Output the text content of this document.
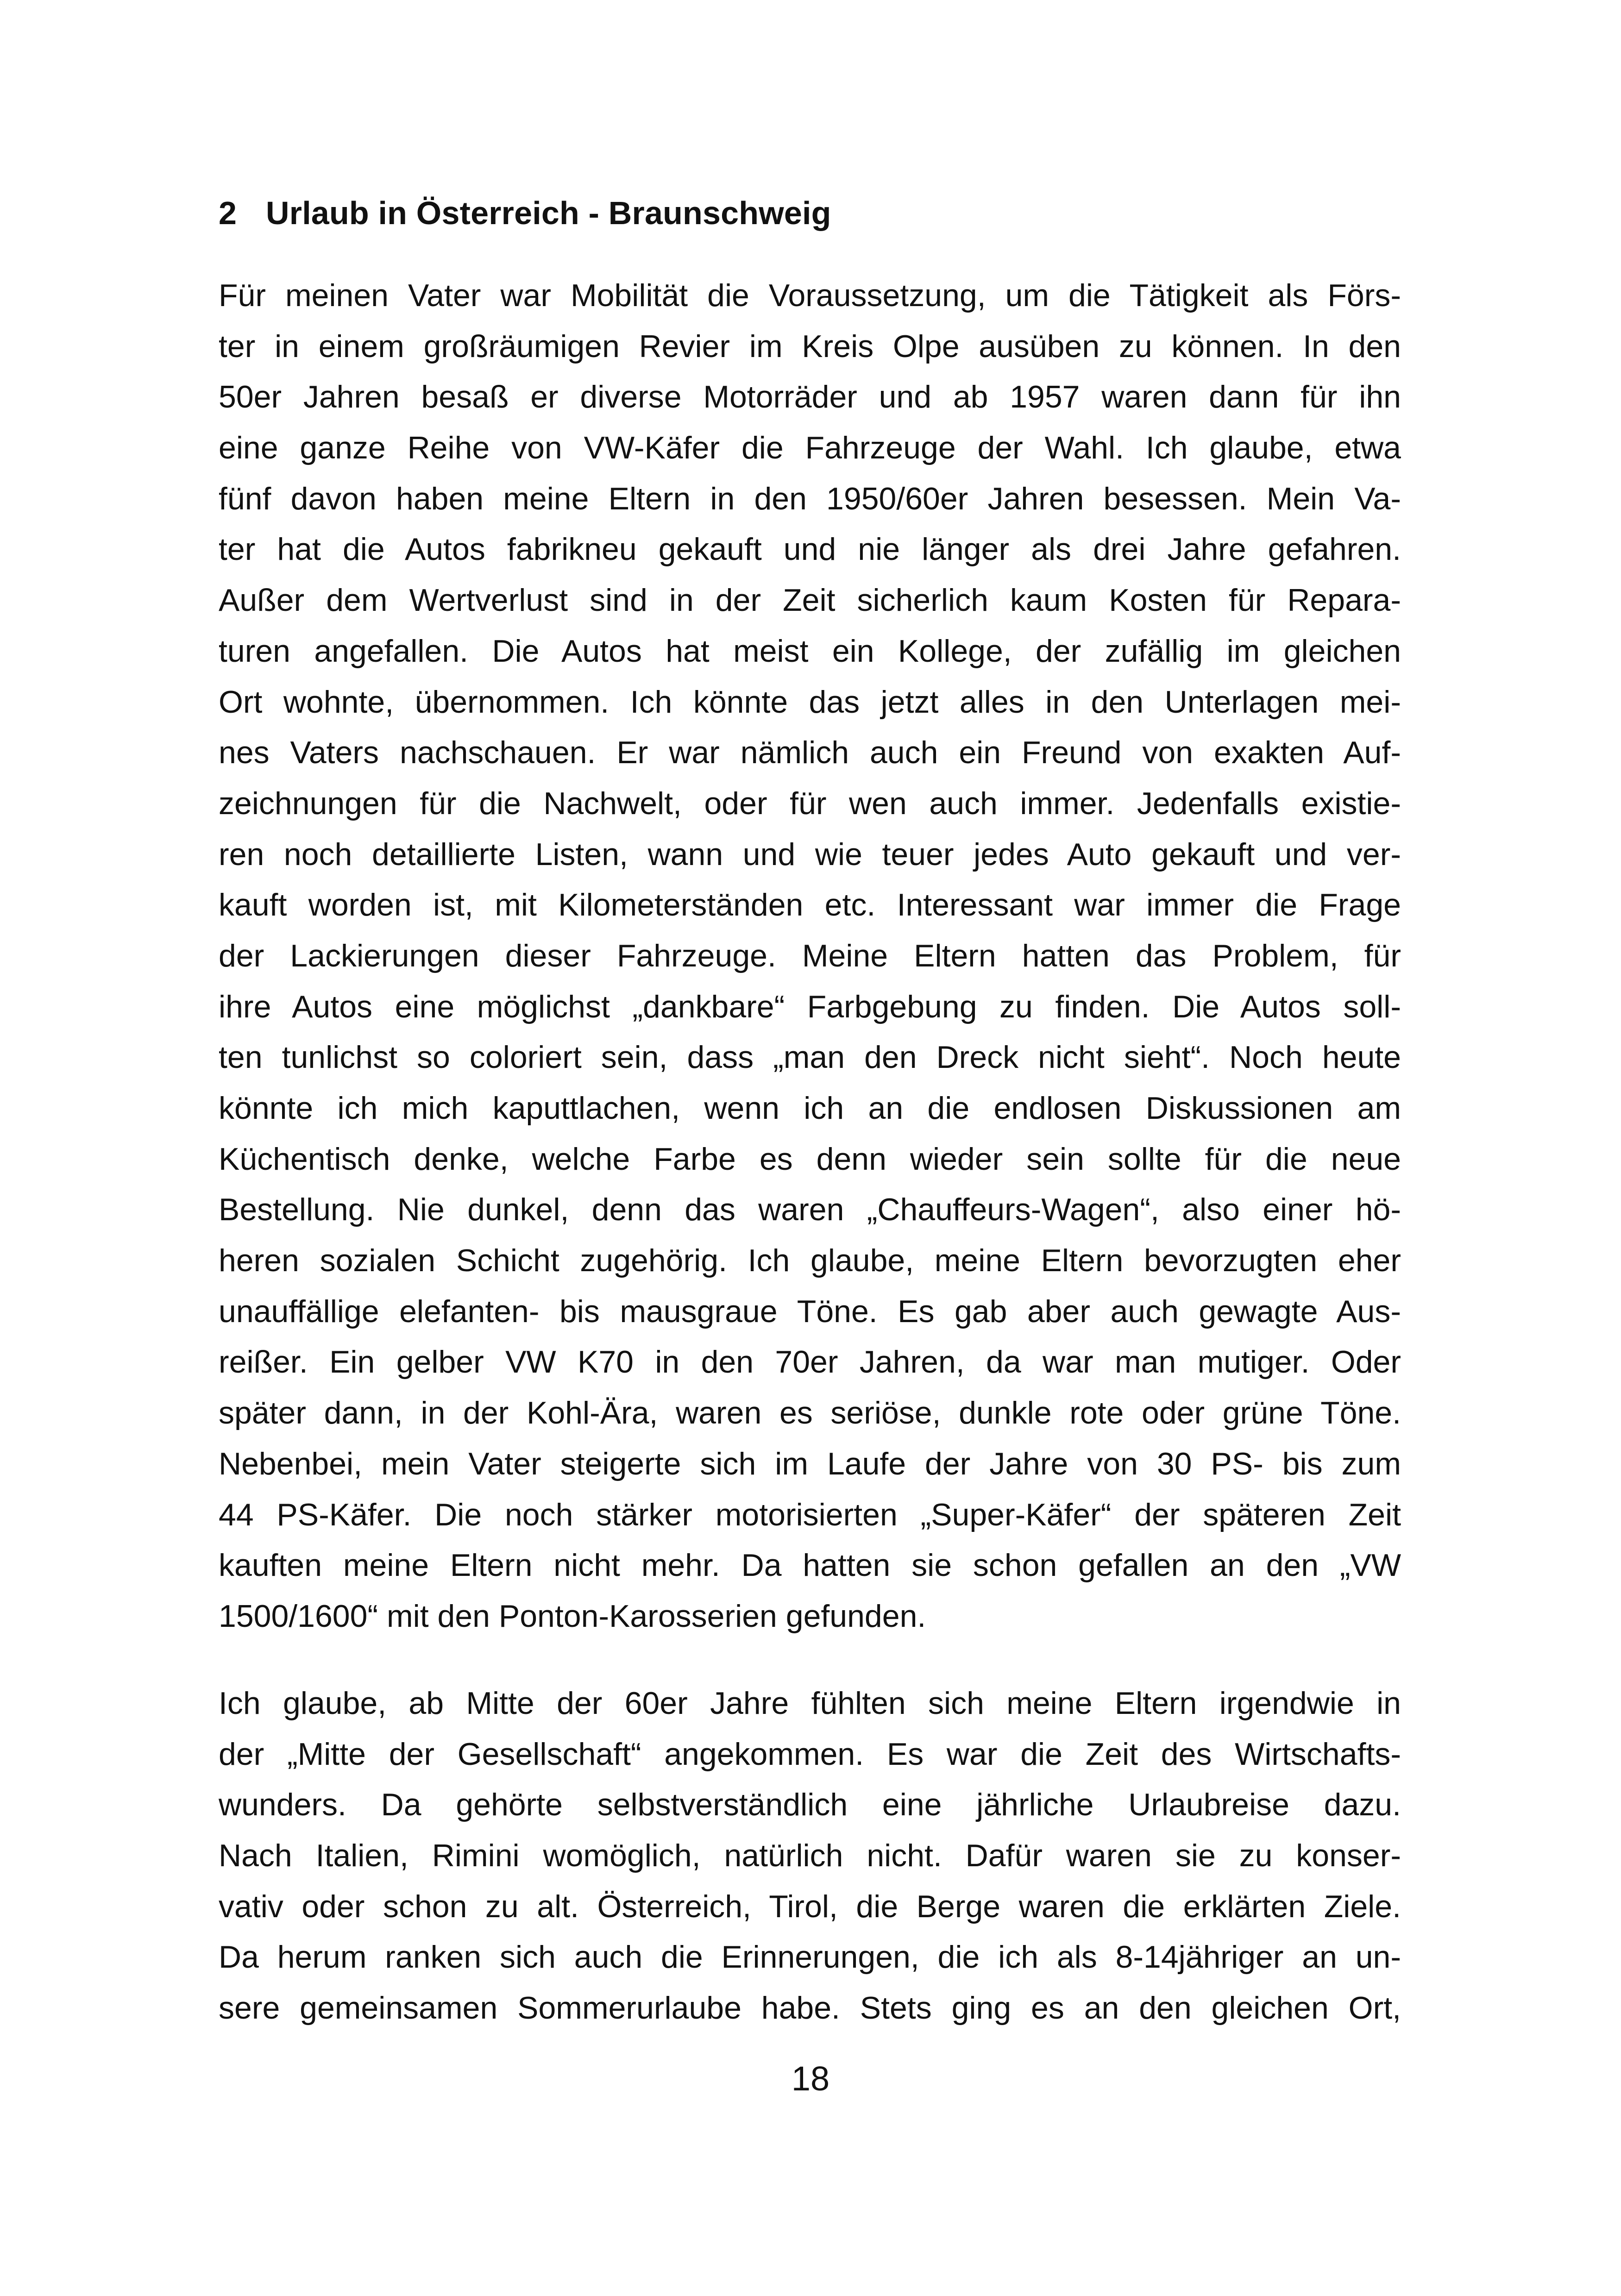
2 Urlaub in Österreich - Braunschweig
Für meinen Vater war Mobilität die Voraussetzung, um die Tätigkeit als Förs-
ter in einem großräumigen Revier im Kreis Olpe ausüben zu können. In den
50er Jahren besaß er diverse Motorräder und ab 1957 waren dann für ihn
eine ganze Reihe von VW-Käfer die Fahrzeuge der Wahl. Ich glaube, etwa
fünf davon haben meine Eltern in den 1950/60er Jahren besessen. Mein Va-
ter hat die Autos fabrikneu gekauft und nie länger als drei Jahre gefahren.
Außer dem Wertverlust sind in der Zeit sicherlich kaum Kosten für Repara-
turen angefallen. Die Autos hat meist ein Kollege, der zufällig im gleichen
Ort wohnte, übernommen. Ich könnte das jetzt alles in den Unterlagen mei-
nes Vaters nachschauen. Er war nämlich auch ein Freund von exakten Auf-
zeichnungen für die Nachwelt, oder für wen auch immer. Jedenfalls existie-
ren noch detaillierte Listen, wann und wie teuer jedes Auto gekauft und ver-
kauft worden ist, mit Kilometerständen etc. Interessant war immer die Frage
der Lackierungen dieser Fahrzeuge. Meine Eltern hatten das Problem, für
ihre Autos eine möglichst „dankbare“ Farbgebung zu finden. Die Autos soll-
ten tunlichst so coloriert sein, dass „man den Dreck nicht sieht“. Noch heute
könnte ich mich kaputtlachen, wenn ich an die endlosen Diskussionen am
Küchentisch denke, welche Farbe es denn wieder sein sollte für die neue
Bestellung. Nie dunkel, denn das waren „Chauffeurs-Wagen“, also einer hö-
heren sozialen Schicht zugehörig. Ich glaube, meine Eltern bevorzugten eher
unauffällige elefanten- bis mausgraue Töne. Es gab aber auch gewagte Aus-
reißer. Ein gelber VW K70 in den 70er Jahren, da war man mutiger. Oder
später dann, in der Kohl-Ära, waren es seriöse, dunkle rote oder grüne Töne.
Nebenbei, mein Vater steigerte sich im Laufe der Jahre von 30 PS- bis zum
44 PS-Käfer. Die noch stärker motorisierten „Super-Käfer“ der späteren Zeit
kauften meine Eltern nicht mehr. Da hatten sie schon gefallen an den „VW
1500/1600“ mit den Ponton-Karosserien gefunden.
Ich glaube, ab Mitte der 60er Jahre fühlten sich meine Eltern irgendwie in
der „Mitte der Gesellschaft“ angekommen. Es war die Zeit des Wirtschafts-
wunders. Da gehörte selbstverständlich eine jährliche Urlaubreise dazu.
Nach Italien, Rimini womöglich, natürlich nicht. Dafür waren sie zu konser-
vativ oder schon zu alt. Österreich, Tirol, die Berge waren die erklärten Ziele.
Da herum ranken sich auch die Erinnerungen, die ich als 8-14jähriger an un-
sere gemeinsamen Sommerurlaube habe. Stets ging es an den gleichen Ort,
18
